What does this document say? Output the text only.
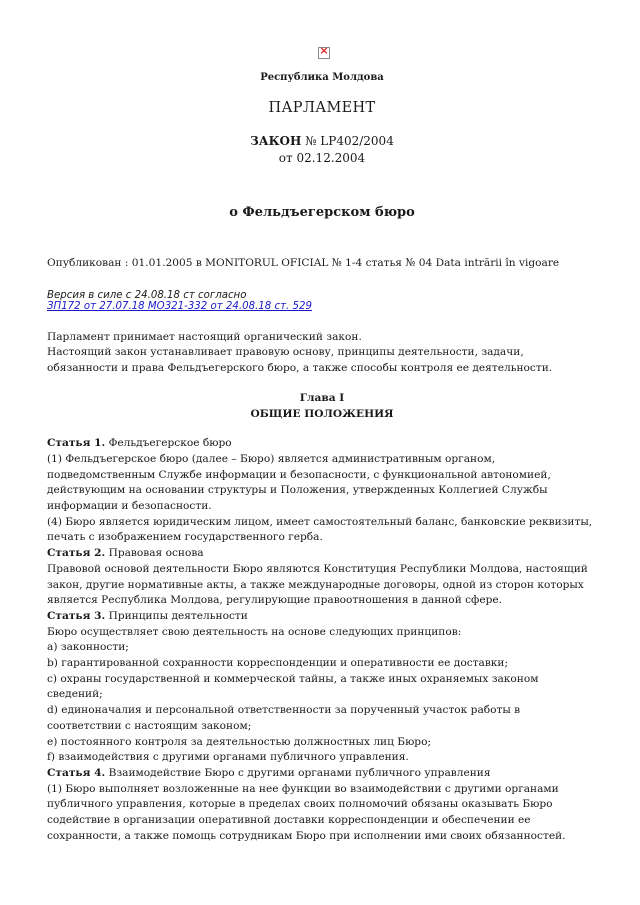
×
Республика Молдова
ПАРЛАМЕНТ
ЗАКОН № LP402/2004
от 02.12.2004
о Фельдъегерском бюро
Опубликован : 01.01.2005 в MONITORUL OFICIAL № 1-4 статья № 04 Data intrării în vigoare
Версия в силе с 24.08.18 ст согласно
ЗП172 от 27.07.18 МО321-332 от 24.08.18 ст. 529
Парламент принимает настоящий органический закон.
Настоящий закон устанавливает правовую основу, принципы деятельности, задачи, обязанности и права Фельдъегерского бюро, а также способы контроля ее деятельности.
Глава I
ОБЩИЕ ПОЛОЖЕНИЯ

Статья 1. Фельдъегерское бюро

(1) Фельдъегерское бюро (далее – Бюро) является административным органом, подведомственным Службе информации и безопасности, с функциональной автономией, действующим на основании структуры и Положения, утвержденных Коллегией Службы информации и безопасности.

(4) Бюро является юридическим лицом, имеет самостоятельный баланс, банковские реквизиты, печать с изображением государственного герба.

Статья 2. Правовая основа

Правовой основой деятельности Бюро являются Конституция Республики Молдова, настоящий закон, другие нормативные акты, а также международные договоры, одной из сторон которых является Республика Молдова, регулирующие правоотношения в данной сфере.

Статья 3. Принципы деятельности

Бюро осуществляет свою деятельность на основе следующих принципов:

a) законности;

b) гарантированной сохранности корреспонденции и оперативности ее доставки;

c) охраны государственной и коммерческой тайны, а также иных охраняемых законом сведений;

d) единоначалия и персональной ответственности за порученный участок работы в соответствии с настоящим законом;

e) постоянного контроля за деятельностью должностных лиц Бюро;

f) взаимодействия с другими органами публичного управления.

Статья 4. Взаимодействие Бюро с другими органами публичного управления

(1) Бюро выполняет возложенные на нее функции во взаимодействии с другими органами публичного управления, которые в пределах своих полномочий обязаны оказывать Бюро содействие в организации оперативной доставки корреспонденции и обеспечении ее сохранности, а также помощь сотрудникам Бюро при исполнении ими своих обязанностей.
